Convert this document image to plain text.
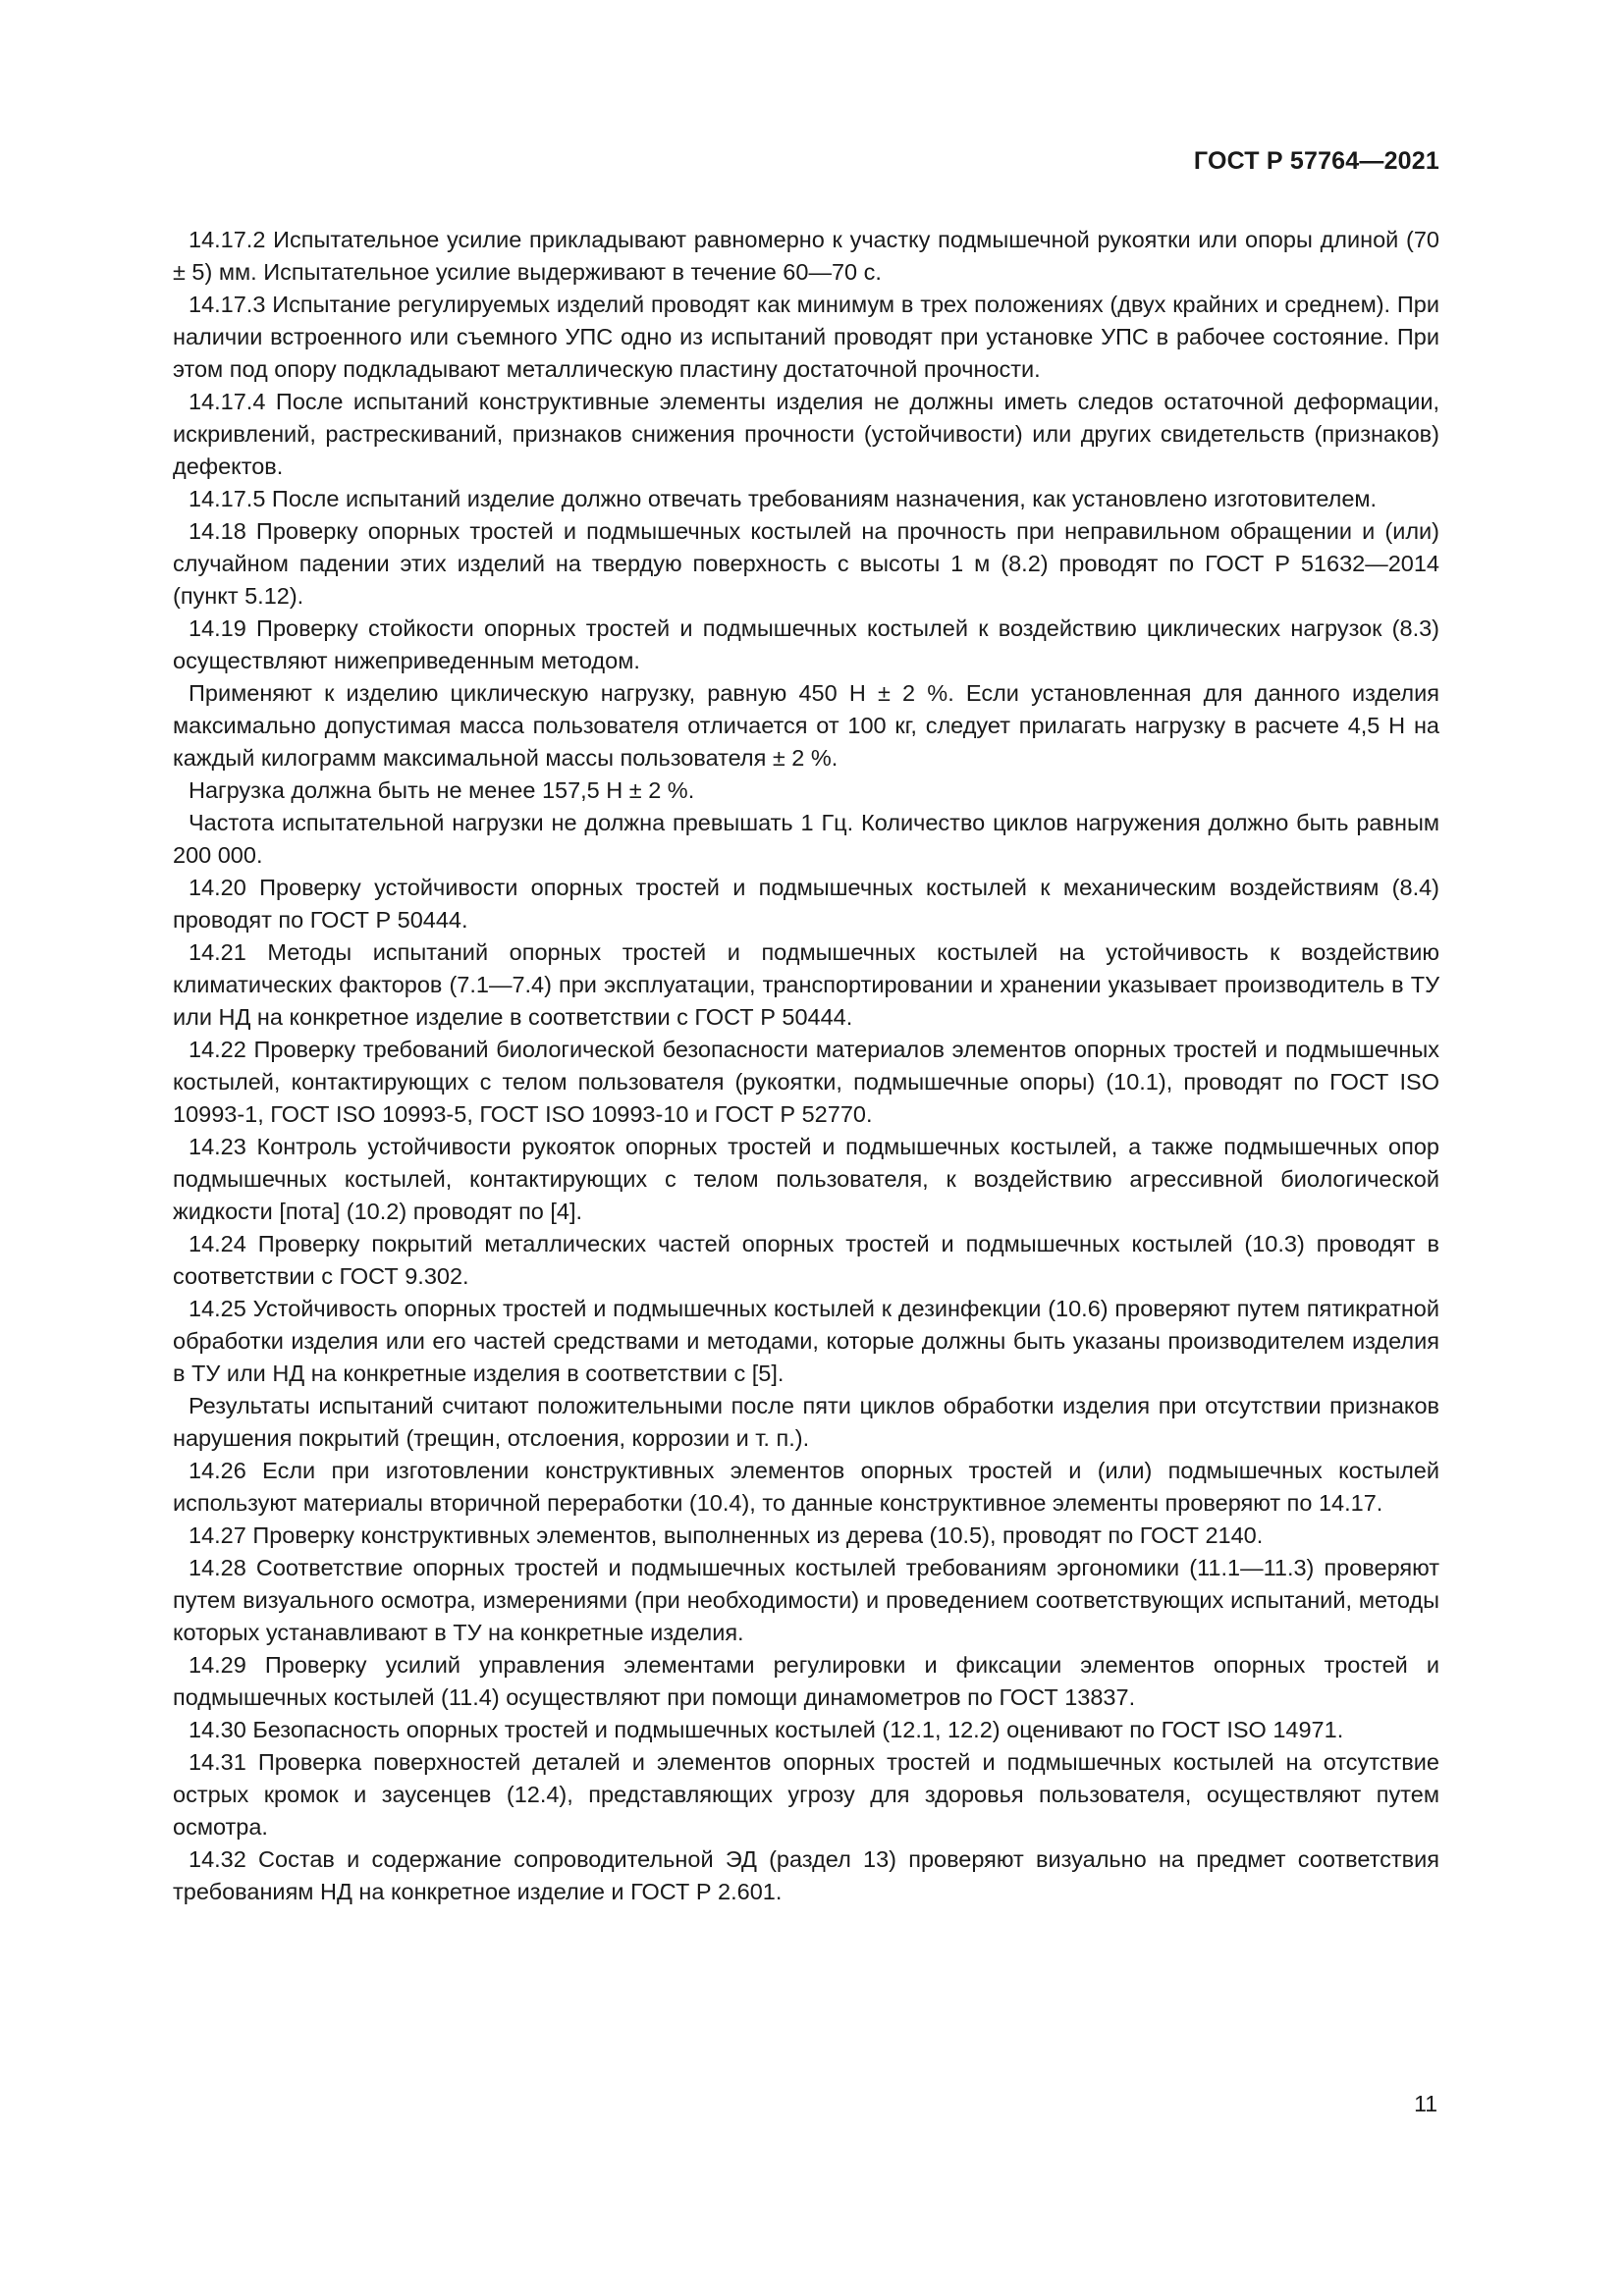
ГОСТ Р 57764—2021

14.17.2 Испытательное усилие прикладывают равномерно к участку подмышечной рукоятки или опоры длиной (70 ± 5) мм. Испытательное усилие выдерживают в течение 60—70 с.

14.17.3 Испытание регулируемых изделий проводят как минимум в трех положениях (двух крайних и среднем). При наличии встроенного или съемного УПС одно из испытаний проводят при установке УПС в рабочее состояние. При этом под опору подкладывают металлическую пластину достаточной прочности.

14.17.4 После испытаний конструктивные элементы изделия не должны иметь следов остаточной деформации, искривлений, растрескиваний, признаков снижения прочности (устойчивости) или других свидетельств (признаков) дефектов.

14.17.5 После испытаний изделие должно отвечать требованиям назначения, как установлено изготовителем.

14.18 Проверку опорных тростей и подмышечных костылей на прочность при неправильном обращении и (или) случайном падении этих изделий на твердую поверхность с высоты 1 м (8.2) проводят по ГОСТ Р 51632—2014 (пункт 5.12).

14.19 Проверку стойкости опорных тростей и подмышечных костылей к воздействию циклических нагрузок (8.3) осуществляют нижеприведенным методом.

Применяют к изделию циклическую нагрузку, равную 450 Н ± 2 %. Если установленная для данного изделия максимально допустимая масса пользователя отличается от 100 кг, следует прилагать нагрузку в расчете 4,5 Н на каждый килограмм максимальной массы пользователя ± 2 %.

Нагрузка должна быть не менее 157,5 Н ± 2 %.

Частота испытательной нагрузки не должна превышать 1 Гц. Количество циклов нагружения должно быть равным 200 000.

14.20 Проверку устойчивости опорных тростей и подмышечных костылей к механическим воздействиям (8.4) проводят по ГОСТ Р 50444.

14.21 Методы испытаний опорных тростей и подмышечных костылей на устойчивость к воздействию климатических факторов (7.1—7.4) при эксплуатации, транспортировании и хранении указывает производитель в ТУ или НД на конкретное изделие в соответствии с ГОСТ Р 50444.

14.22 Проверку требований биологической безопасности материалов элементов опорных тростей и подмышечных костылей, контактирующих с телом пользователя (рукоятки, подмышечные опоры) (10.1), проводят по ГОСТ ISO 10993-1, ГОСТ ISO 10993-5, ГОСТ ISO 10993-10 и ГОСТ Р 52770.

14.23 Контроль устойчивости рукояток опорных тростей и подмышечных костылей, а также подмышечных опор подмышечных костылей, контактирующих с телом пользователя, к воздействию агрессивной биологической жидкости [пота] (10.2) проводят по [4].

14.24 Проверку покрытий металлических частей опорных тростей и подмышечных костылей (10.3) проводят в соответствии с ГОСТ 9.302.

14.25 Устойчивость опорных тростей и подмышечных костылей к дезинфекции (10.6) проверяют путем пятикратной обработки изделия или его частей средствами и методами, которые должны быть указаны производителем изделия в ТУ или НД на конкретные изделия в соответствии с [5].

Результаты испытаний считают положительными после пяти циклов обработки изделия при отсутствии признаков нарушения покрытий (трещин, отслоения, коррозии и т. п.).

14.26 Если при изготовлении конструктивных элементов опорных тростей и (или) подмышечных костылей используют материалы вторичной переработки (10.4), то данные конструктивное элементы проверяют по 14.17.

14.27 Проверку конструктивных элементов, выполненных из дерева (10.5), проводят по ГОСТ 2140.

14.28 Соответствие опорных тростей и подмышечных костылей требованиям эргономики (11.1—11.3) проверяют путем визуального осмотра, измерениями (при необходимости) и проведением соответствующих испытаний, методы которых устанавливают в ТУ на конкретные изделия.

14.29 Проверку усилий управления элементами регулировки и фиксации элементов опорных тростей и подмышечных костылей (11.4) осуществляют при помощи динамометров по ГОСТ 13837.

14.30 Безопасность опорных тростей и подмышечных костылей (12.1, 12.2) оценивают по ГОСТ ISO 14971.

14.31 Проверка поверхностей деталей и элементов опорных тростей и подмышечных костылей на отсутствие острых кромок и заусенцев (12.4), представляющих угрозу для здоровья пользователя, осуществляют путем осмотра.

14.32 Состав и содержание сопроводительной ЭД (раздел 13) проверяют визуально на предмет соответствия требованиям НД на конкретное изделие и ГОСТ Р 2.601.

11
